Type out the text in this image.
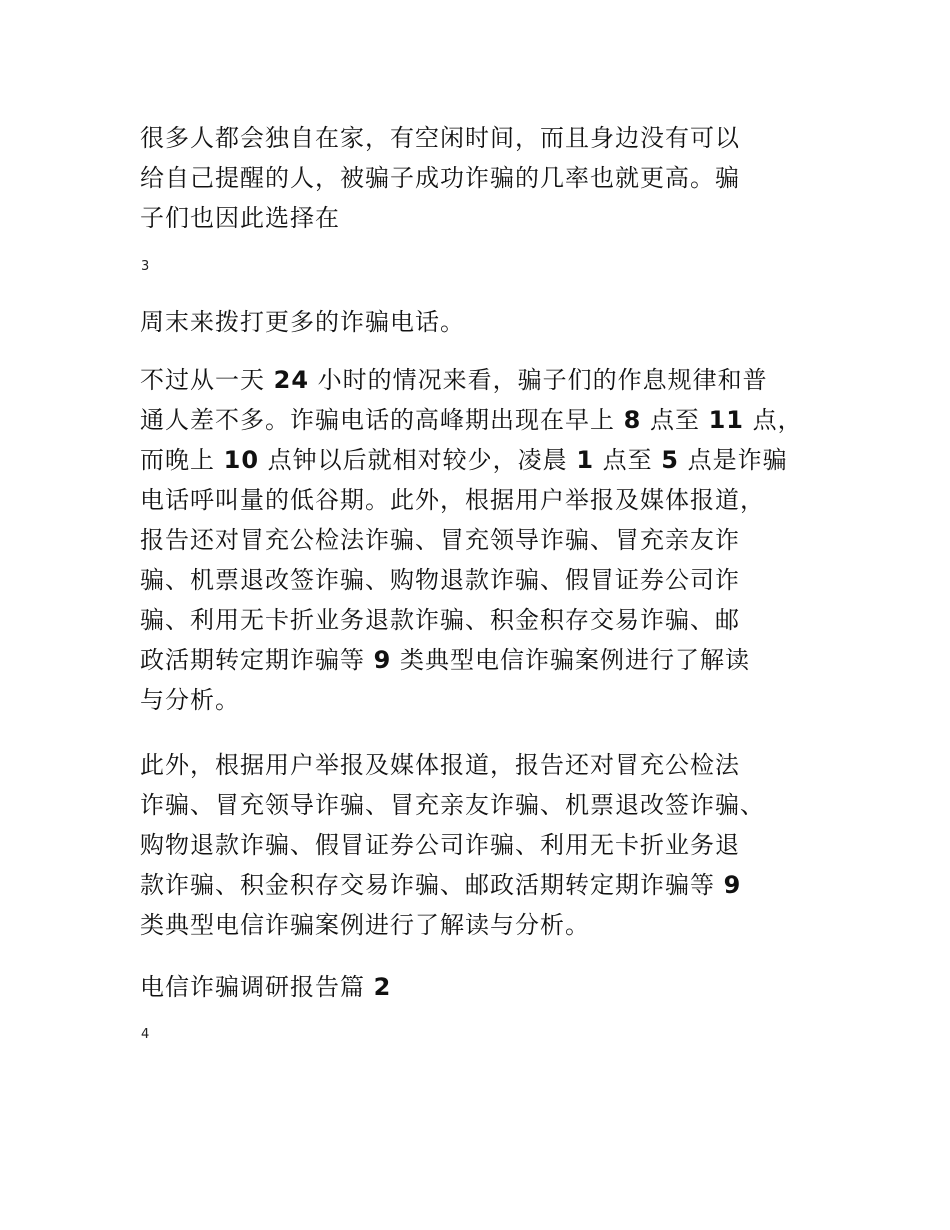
很多人都会独自在家，有空闲时间，而且身边没有可以
给自己提醒的人，被骗子成功诈骗的几率也就更高。骗
子们也因此选择在

3

周末来拨打更多的诈骗电话。

不过从一天 24 小时的情况来看，骗子们的作息规律和普
通人差不多。诈骗电话的高峰期出现在早上 8 点至 11 点，
而晚上 10 点钟以后就相对较少，凌晨 1 点至 5 点是诈骗
电话呼叫量的低谷期。此外，根据用户举报及媒体报道，
报告还对冒充公检法诈骗、冒充领导诈骗、冒充亲友诈
骗、机票退改签诈骗、购物退款诈骗、假冒证券公司诈
骗、利用无卡折业务退款诈骗、积金积存交易诈骗、邮
政活期转定期诈骗等 9 类典型电信诈骗案例进行了解读
与分析。

此外，根据用户举报及媒体报道，报告还对冒充公检法
诈骗、冒充领导诈骗、冒充亲友诈骗、机票退改签诈骗、
购物退款诈骗、假冒证券公司诈骗、利用无卡折业务退
款诈骗、积金积存交易诈骗、邮政活期转定期诈骗等 9
类典型电信诈骗案例进行了解读与分析。

电信诈骗调研报告篇 2

4
